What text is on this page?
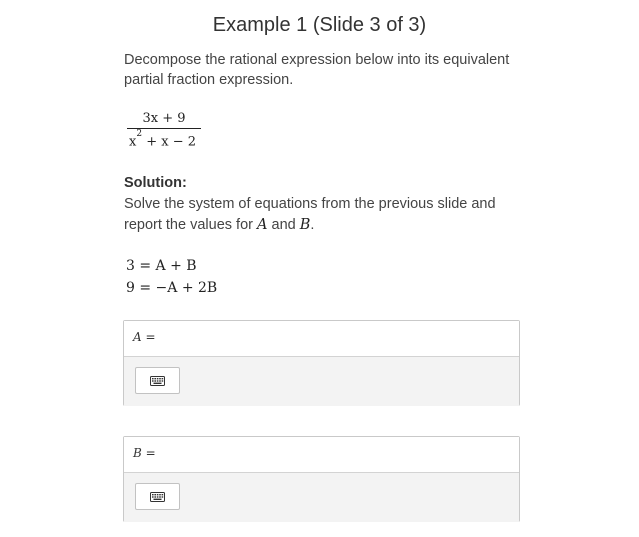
Example 1 (Slide 3 of 3)
Decompose the rational expression below into its equivalent partial fraction expression.
$\frac{3x + 9}{x^2 + x - 2}$
Solution:
Solve the system of equations from the previous slide and report the values for A and B.
3 = A + B
9 = −A + 2B
A =
B =
